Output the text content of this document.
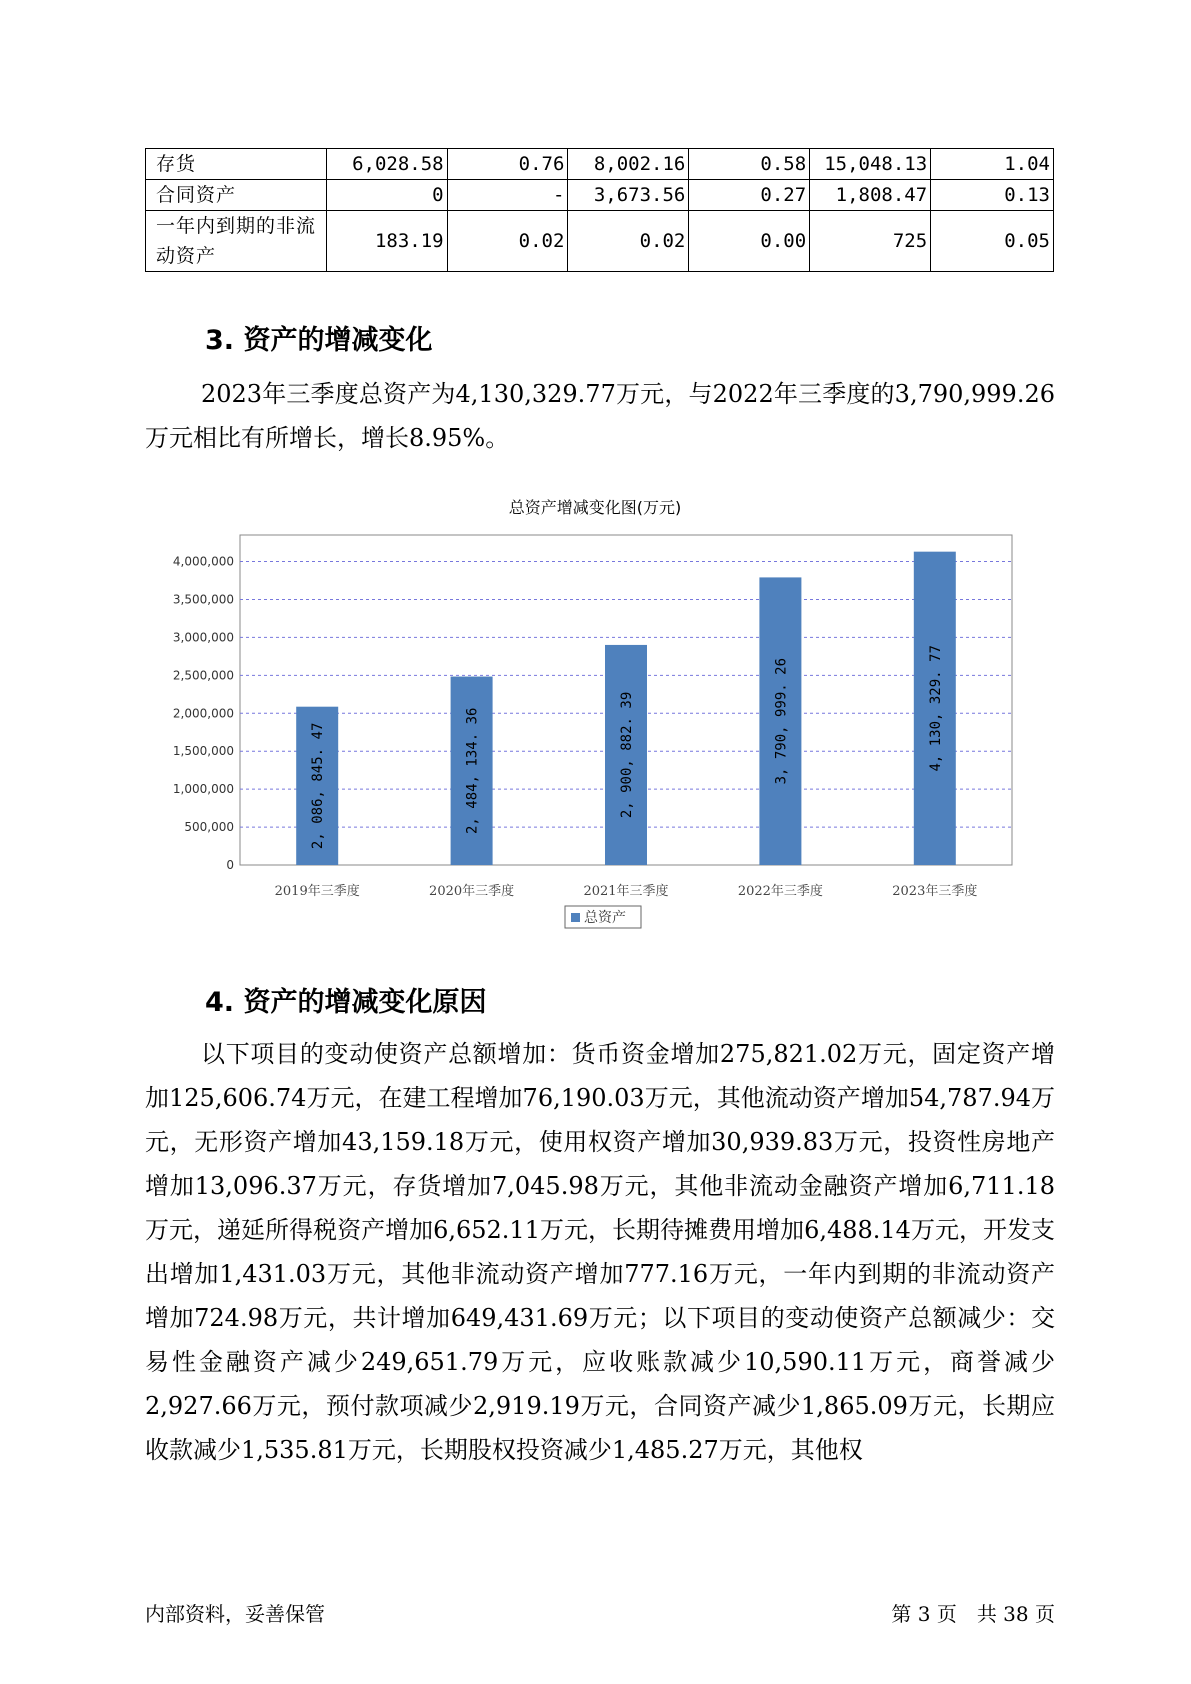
存货	6,028.58	0.76	8,002.16	0.58	15,048.13	1.04
合同资产	0	-	3,673.56	0.27	1,808.47	0.13
一年内到期的非流动资产	183.19	0.02	0.02	0.00	725	0.05
3. 资产的增减变化

2023年三季度总资产为4,130,329.77万元，与2022年三季度的3,790,999.26万元相比有所增长，增长8.95%。

总资产增减变化图(万元)
0
500,000
1,000,000
1,500,000
2,000,000
2,500,000
3,000,000
3,500,000
4,000,000
2, 086, 845. 47	2, 484, 134. 36	2, 900, 882. 39	3, 790, 999. 26	4, 130, 329. 77
2019年三季度	2020年三季度	2021年三季度	2022年三季度	2023年三季度
总资产
4. 资产的增减变化原因

以下项目的变动使资产总额增加：货币资金增加275,821.02万元，固定资产增加125,606.74万元，在建工程增加76,190.03万元，其他流动资产增加54,787.94万元，无形资产增加43,159.18万元，使用权资产增加30,939.83万元，投资性房地产增加13,096.37万元，存货增加7,045.98万元，其他非流动金融资产增加6,711.18万元，递延所得税资产增加6,652.11万元，长期待摊费用增加6,488.14万元，开发支出增加1,431.03万元，其他非流动资产增加777.16万元，一年内到期的非流动资产增加724.98万元，共计增加649,431.69万元；以下项目的变动使资产总额减少：交易性金融资产减少249,651.79万元，应收账款减少10,590.11万元，商誉减少2,927.66万元，预付款项减少2,919.19万元，合同资产减少1,865.09万元，长期应收款减少1,535.81万元，长期股权投资减少1,485.27万元，其他权

内部资料，妥善保管	第 3 页　共 38 页
